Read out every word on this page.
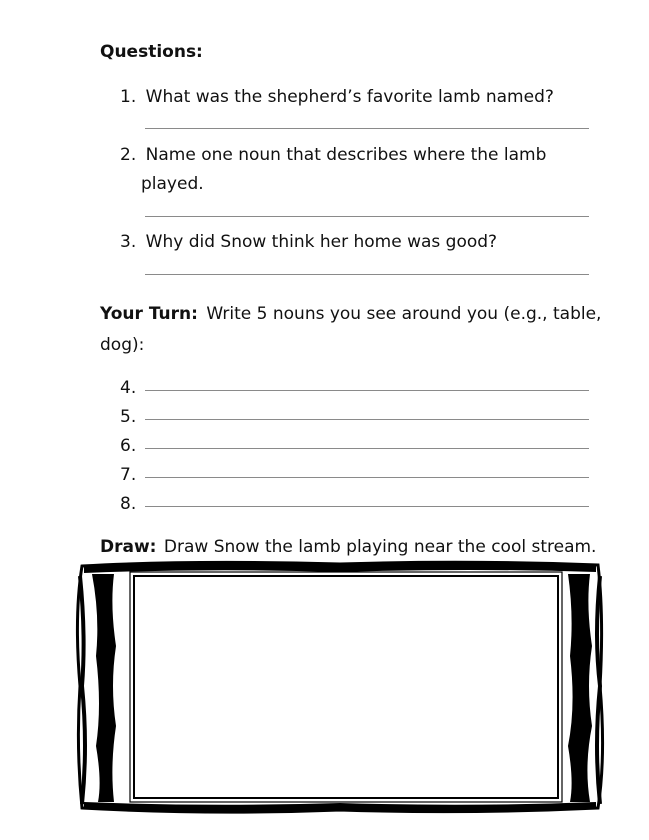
Questions:
1. What was the shepherd’s favorite lamb named?
2. Name one noun that describes where the lamb
played.
3. Why did Snow think her home was good?
Your Turn: Write 5 nouns you see around you (e.g., table,
dog):
4.
5.
6.
7.
8.
Draw: Draw Snow the lamb playing near the cool stream.
